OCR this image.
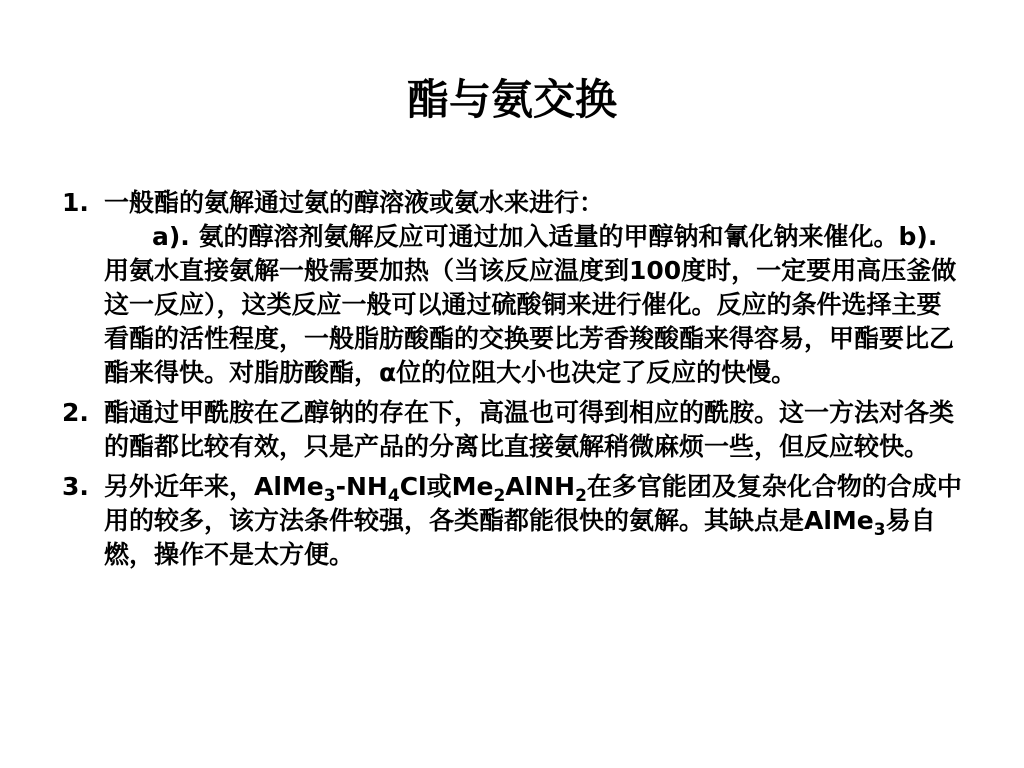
酯与氨交换
1. 一般酯的氨解通过氨的醇溶液或氨水来进行：
a). 氨的醇溶剂氨解反应可通过加入适量的甲醇钠和氰化钠来催化。b). 用氨水直接氨解一般需要加热（当该反应温度到100度时，一定要用高压釜做这一反应），这类反应一般可以通过硫酸铜来进行催化。反应的条件选择主要看酯的活性程度，一般脂肪酸酯的交换要比芳香羧酸酯来得容易，甲酯要比乙酯来得快。对脂肪酸酯，α位的位阻大小也决定了反应的快慢。
2. 酯通过甲酰胺在乙醇钠的存在下，高温也可得到相应的酰胺。这一方法对各类的酯都比较有效，只是产品的分离比直接氨解稍微麻烦一些，但反应较快。
3. 另外近年来，$AlMe_3-NH_4Cl$或$Me_2AlNH_2$在多官能团及复杂化合物的合成中用的较多，该方法条件较强，各类酯都能很快的氨解。其缺点是AlMe$_3$易自燃，操作不是太方便。
